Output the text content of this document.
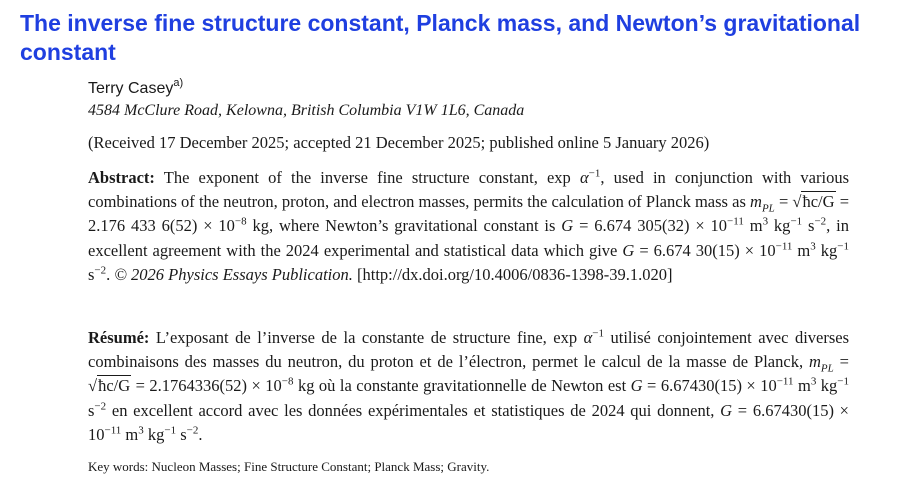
The inverse fine structure constant, Planck mass, and Newton’s gravitational constant
Terry Casey$^{a)}$
4584 McClure Road, Kelowna, British Columbia V1W 1L6, Canada
(Received 17 December 2025; accepted 21 December 2025; published online 5 January 2026)

Abstract: The exponent of the inverse fine structure constant, $\exp \alpha^{-1}$, used in conjunction with various combinations of the neutron, proton, and electron masses, permits the calculation of Planck mass as $m_{PL}$ = √ħc/G = 2.176 433 $6(52) \times 10^{-8}$ kg, where Newton’s gravitational constant is G = 6.674 $305(32) \times 10^{-11}$ $m^3$ $kg^{-1}$ $s^{-2}$, in excellent agreement with the 2024 experimental and statistical data which give G = 6.674 $30(15) \times 10^{-11}$ $m^3$ $kg^{-1}$ $s^{-2}$. © 2026 Physics Essays Publication. [http://dx.doi.org/10.4006/0836-1398-39.1.020]

Résumé: L’exposant de l’inverse de la constante de structure fine, $\exp \alpha^{-1}$ utilisé conjointement avec diverses combinaisons des masses du neutron, du proton et de l’électron, permet le calcul de la masse de Planck, $m_{PL}$ = √ħc/G = $2.1764336(52) \times 10^{-8}$ kg où la constante gravitationnelle de Newton est $G = 6.67430(15) \times 10^{-11}$ $m^3$ $kg^{-1}$ $s^{-2}$ en excellent accord avec les données expérimentales et statistiques de 2024 qui donnent, $G = 6.67430(15) \times 10^{-11}$ $m^3$ $kg^{-1}$ $s^{-2}$.

Key words: Nucleon Masses; Fine Structure Constant; Planck Mass; Gravity.
